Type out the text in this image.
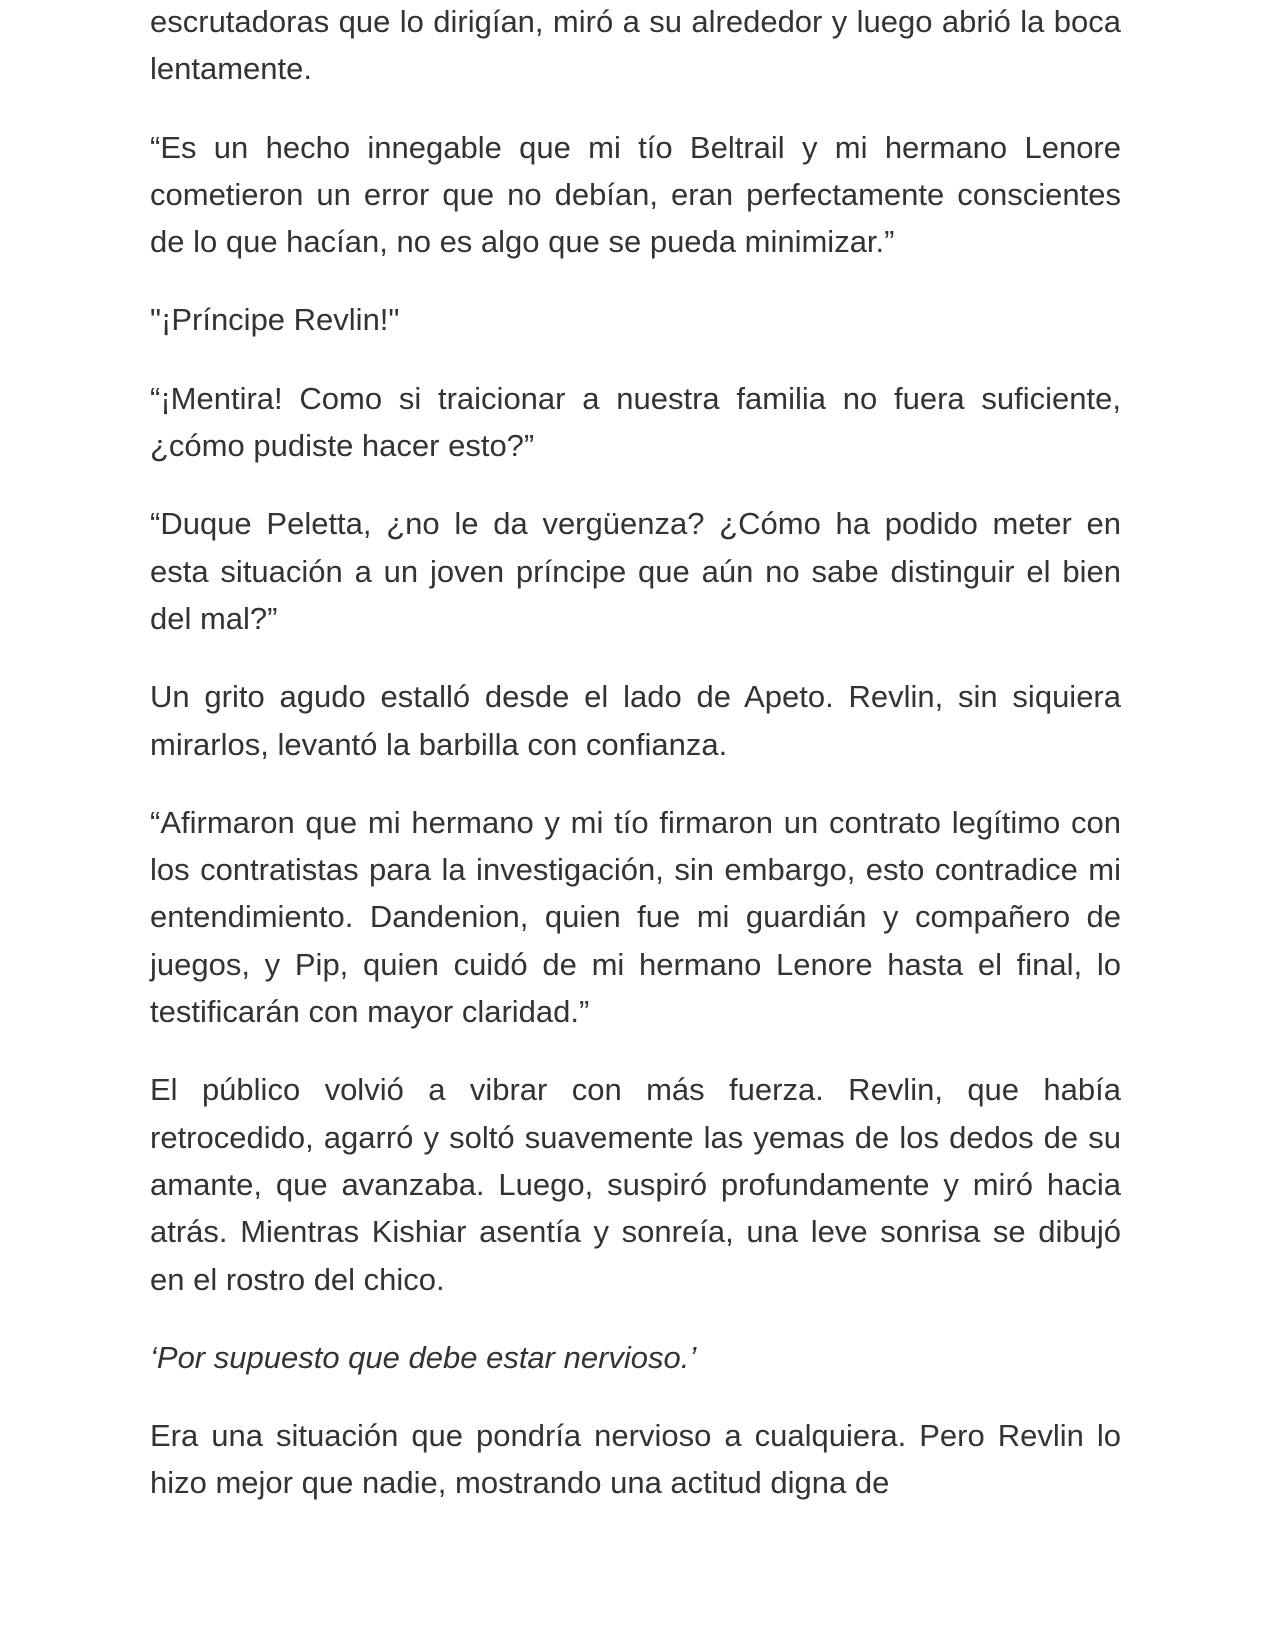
escrutadoras que lo dirigían, miró a su alrededor y luego abrió la boca lentamente.

“Es un hecho innegable que mi tío Beltrail y mi hermano Lenore cometieron un error que no debían, eran perfectamente conscientes de lo que hacían, no es algo que se pueda minimizar.”

"¡Príncipe Revlin!"

“¡Mentira! Como si traicionar a nuestra familia no fuera suficiente, ¿cómo pudiste hacer esto?”

“Duque Peletta, ¿no le da vergüenza? ¿Cómo ha podido meter en esta situación a un joven príncipe que aún no sabe distinguir el bien del mal?”

Un grito agudo estalló desde el lado de Apeto. Revlin, sin siquiera mirarlos, levantó la barbilla con confianza.

“Afirmaron que mi hermano y mi tío firmaron un contrato legítimo con los contratistas para la investigación, sin embargo, esto contradice mi entendimiento. Dandenion, quien fue mi guardián y compañero de juegos, y Pip, quien cuidó de mi hermano Lenore hasta el final, lo testificarán con mayor claridad.”

El público volvió a vibrar con más fuerza. Revlin, que había retrocedido, agarró y soltó suavemente las yemas de los dedos de su amante, que avanzaba. Luego, suspiró profundamente y miró hacia atrás. Mientras Kishiar asentía y sonreía, una leve sonrisa se dibujó en el rostro del chico.

‘Por supuesto que debe estar nervioso.’

Era una situación que pondría nervioso a cualquiera. Pero Revlin lo hizo mejor que nadie, mostrando una actitud digna de
